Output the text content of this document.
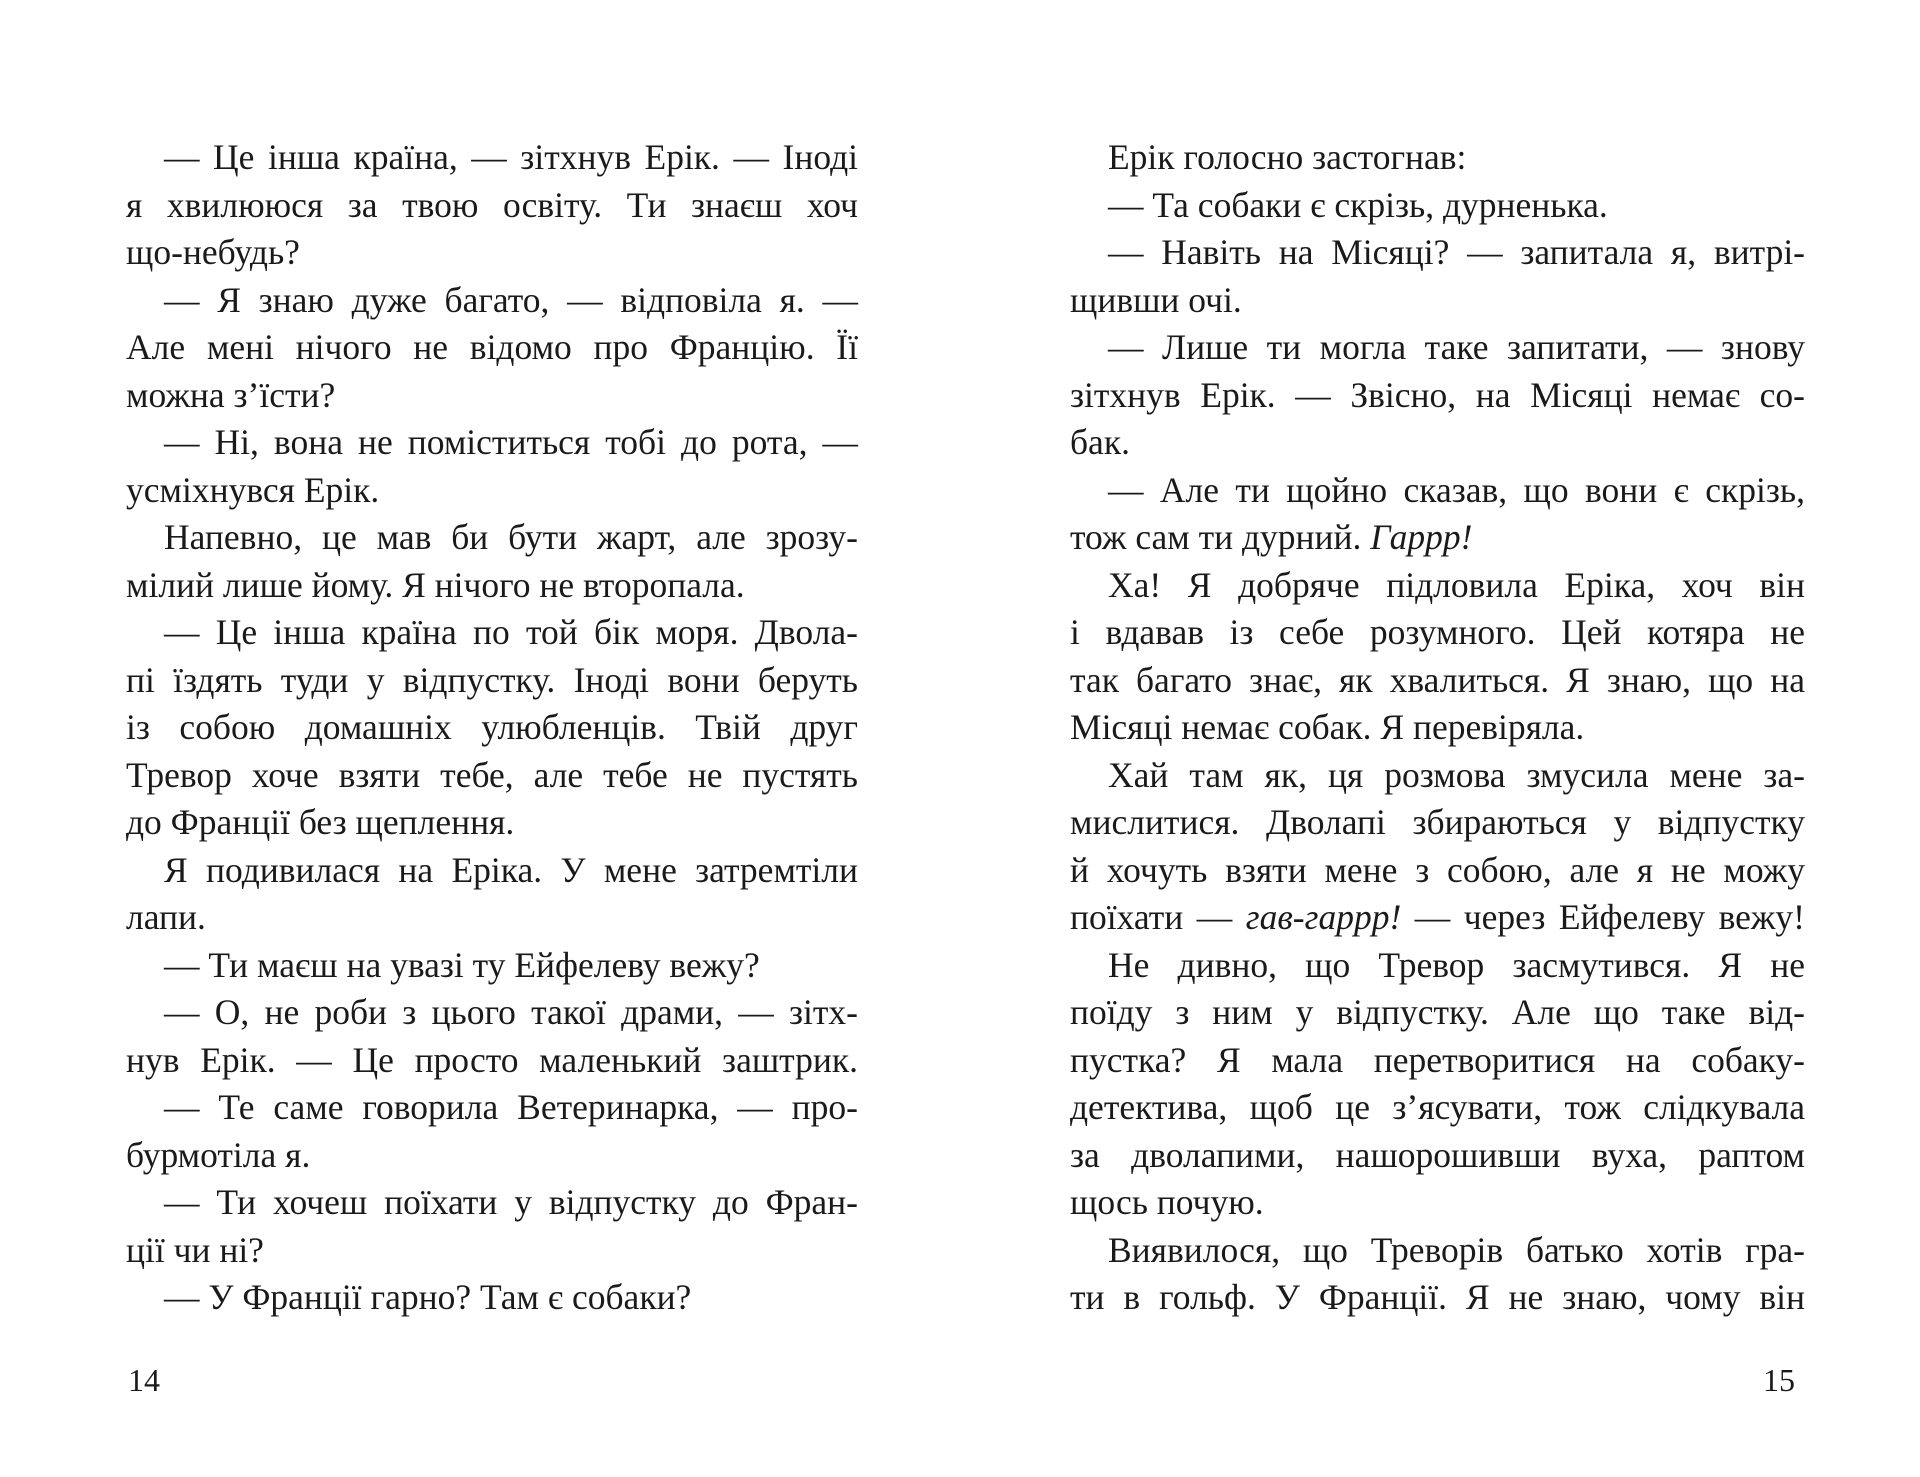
— Це інша країна, — зітхнув Ерік. — Іноді
я хвилююся за твою освіту. Ти знаєш хоч
що-небудь?
— Я знаю дуже багато, — відповіла я. —
Але мені нічого не відомо про Францію. Її
можна з’їсти?
— Ні, вона не поміститься тобі до рота, —
усміхнувся Ерік.
Напевно, це мав би бути жарт, але зрозу-
мілий лише йому. Я нічого не второпала.
— Це інша країна по той бік моря. Двола-
пі їздять туди у відпустку. Іноді вони беруть
із собою домашніх улюбленців. Твій друг
Тревор хоче взяти тебе, але тебе не пустять
до Франції без щеплення.
Я подивилася на Еріка. У мене затремтіли
лапи.
— Ти маєш на увазі ту Ейфелеву вежу?
— О, не роби з цього такої драми, — зітх-
нув Ерік. — Це просто маленький заштрик.
— Те саме говорила Ветеринарка, — про-
бурмотіла я.
— Ти хочеш поїхати у відпустку до Фран-
ції чи ні?
— У Франції гарно? Там є собаки?
Ерік голосно застогнав:
— Та собаки є скрізь, дурненька.
— Навіть на Місяці? — запитала я, витрі-
щивши очі.
— Лише ти могла таке запитати, — знову
зітхнув Ерік. — Звісно, на Місяці немає со-
бак.
— Але ти щойно сказав, що вони є скрізь,
тож сам ти дурний. Гаррр!
Ха! Я добряче підловила Еріка, хоч він
і вдавав із себе розумного. Цей котяра не
так багато знає, як хвалиться. Я знаю, що на
Місяці немає собак. Я перевіряла.
Хай там як, ця розмова змусила мене за-
мислитися. Дволапі збираються у відпустку
й хочуть взяти мене з собою, але я не можу
поїхати — гав-гаррр! — через Ейфелеву вежу!
Не дивно, що Тревор засмутився. Я не
поїду з ним у відпустку. Але що таке від-
пустка? Я мала перетворитися на собаку-
детектива, щоб це з’ясувати, тож слідкувала
за дволапими, нашорошивши вуха, раптом
щось почую.
Виявилося, що Треворів батько хотів гра-
ти в гольф. У Франції. Я не знаю, чому він
14	15
